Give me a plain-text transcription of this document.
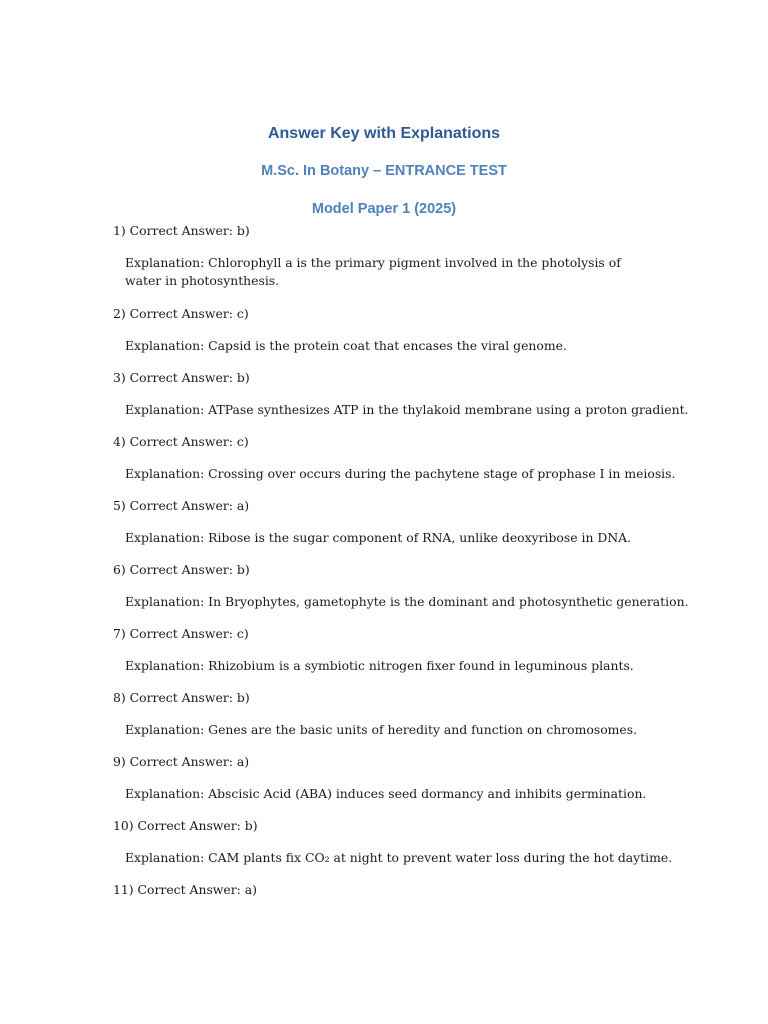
Answer Key with Explanations
M.Sc. In Botany – ENTRANCE TEST
Model Paper 1 (2025)
1) Correct Answer: b)
Explanation: Chlorophyll a is the primary pigment involved in the photolysis of water in photosynthesis.
2) Correct Answer: c)
Explanation: Capsid is the protein coat that encases the viral genome.
3) Correct Answer: b)
Explanation: ATPase synthesizes ATP in the thylakoid membrane using a proton gradient.
4) Correct Answer: c)
Explanation: Crossing over occurs during the pachytene stage of prophase I in meiosis.
5) Correct Answer: a)
Explanation: Ribose is the sugar component of RNA, unlike deoxyribose in DNA.
6) Correct Answer: b)
Explanation: In Bryophytes, gametophyte is the dominant and photosynthetic generation.
7) Correct Answer: c)
Explanation: Rhizobium is a symbiotic nitrogen fixer found in leguminous plants.
8) Correct Answer: b)
Explanation: Genes are the basic units of heredity and function on chromosomes.
9) Correct Answer: a)
Explanation: Abscisic Acid (ABA) induces seed dormancy and inhibits germination.
10) Correct Answer: b)
Explanation: CAM plants fix CO₂ at night to prevent water loss during the hot daytime.
11) Correct Answer: a)
